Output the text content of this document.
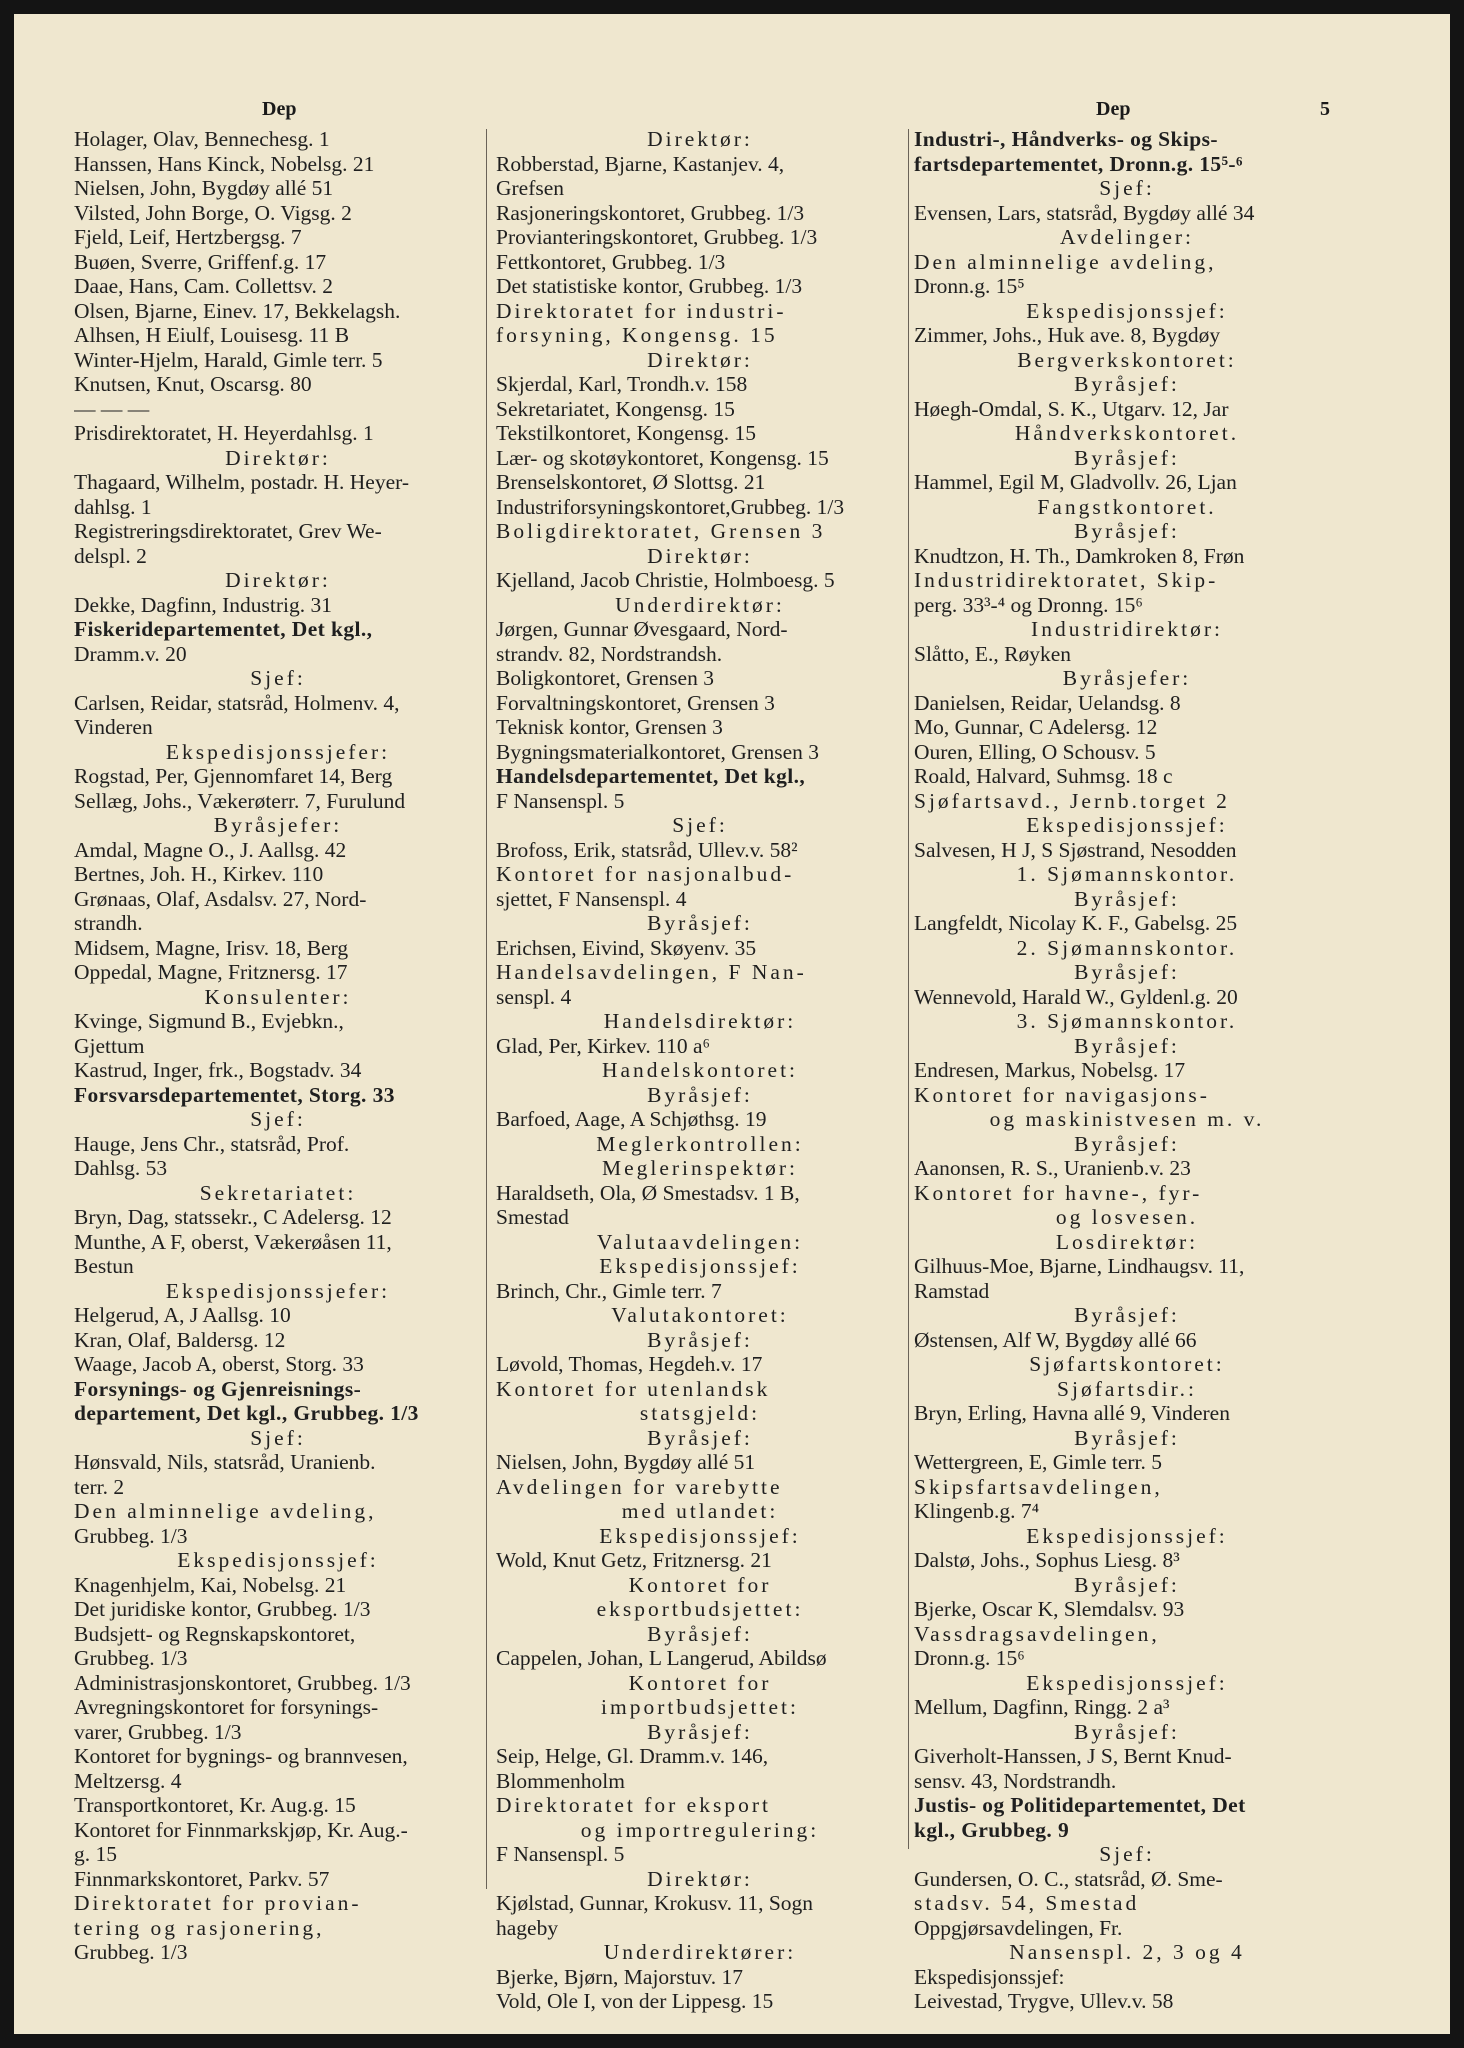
Dep	Dep	5
Holager, Olav, Bennechesg. 1
Hanssen, Hans Kinck, Nobelsg. 21
Nielsen, John, Bygdøy allé 51
Vilsted, John Borge, O. Vigsg. 2
Fjeld, Leif, Hertzbergsg. 7
Buøen, Sverre, Griffenf.g. 17
Daae, Hans, Cam. Collettsv. 2
Olsen, Bjarne, Einev. 17, Bekkelagsh.
Alhsen, H Eiulf, Louisesg. 11 B
Winter-Hjelm, Harald, Gimle terr. 5
Knutsen, Knut, Oscarsg. 80
— — —
Prisdirektoratet, H. Heyerdahlsg. 1
Direktør:
Thagaard, Wilhelm, postadr. H. Heyer-
dahlsg. 1
Registreringsdirektoratet, Grev We-
delspl. 2
Direktør:
Dekke, Dagfinn, Industrig. 31
Fiskeridepartementet, Det kgl.,
Dramm.v. 20
Sjef:
Carlsen, Reidar, statsråd, Holmenv. 4,
Vinderen
Ekspedisjonssjefer:
Rogstad, Per, Gjennomfaret 14, Berg
Sellæg, Johs., Vækerøterr. 7, Furulund
Byråsjefer:
Amdal, Magne O., J. Aallsg. 42
Bertnes, Joh. H., Kirkev. 110
Grønaas, Olaf, Asdalsv. 27, Nord-
strandh.
Midsem, Magne, Irisv. 18, Berg
Oppedal, Magne, Fritznersg. 17
Konsulenter:
Kvinge, Sigmund B., Evjebkn.,
Gjettum
Kastrud, Inger, frk., Bogstadv. 34
Forsvarsdepartementet, Storg. 33
Sjef:
Hauge, Jens Chr., statsråd, Prof.
Dahlsg. 53
Sekretariatet:
Bryn, Dag, statssekr., C Adelersg. 12
Munthe, A F, oberst, Vækerøåsen 11,
Bestun
Ekspedisjonssjefer:
Helgerud, A, J Aallsg. 10
Kran, Olaf, Baldersg. 12
Waage, Jacob A, oberst, Storg. 33
Forsynings- og Gjenreisnings-
departement, Det kgl., Grubbeg. 1/3
Sjef:
Hønsvald, Nils, statsråd, Uranienb.
terr. 2
Den alminnelige avdeling,
Grubbeg. 1/3
Ekspedisjonssjef:
Knagenhjelm, Kai, Nobelsg. 21
Det juridiske kontor, Grubbeg. 1/3
Budsjett- og Regnskapskontoret,
Grubbeg. 1/3
Administrasjonskontoret, Grubbeg. 1/3
Avregningskontoret for forsynings-
varer, Grubbeg. 1/3
Kontoret for bygnings- og brannvesen,
Meltzersg. 4
Transportkontoret, Kr. Aug.g. 15
Kontoret for Finnmarkskjøp, Kr. Aug.-
g. 15
Finnmarkskontoret, Parkv. 57
Direktoratet for provian-
tering og rasjonering,
Grubbeg. 1/3
Direktør:
Robberstad, Bjarne, Kastanjev. 4,
Grefsen
Rasjoneringskontoret, Grubbeg. 1/3
Provianteringskontoret, Grubbeg. 1/3
Fettkontoret, Grubbeg. 1/3
Det statistiske kontor, Grubbeg. 1/3
Direktoratet for industri-
forsyning, Kongensg. 15
Direktør:
Skjerdal, Karl, Trondh.v. 158
Sekretariatet, Kongensg. 15
Tekstilkontoret, Kongensg. 15
Lær- og skotøykontoret, Kongensg. 15
Brenselskontoret, Ø Slottsg. 21
Industriforsyningskontoret,Grubbeg. 1/3
Boligdirektoratet, Grensen 3
Direktør:
Kjelland, Jacob Christie, Holmboesg. 5
Underdirektør:
Jørgen, Gunnar Øvesgaard, Nord-
strandv. 82, Nordstrandsh.
Boligkontoret, Grensen 3
Forvaltningskontoret, Grensen 3
Teknisk kontor, Grensen 3
Bygningsmaterialkontoret, Grensen 3
Handelsdepartementet, Det kgl.,
F Nansenspl. 5
Sjef:
Brofoss, Erik, statsråd, Ullev.v. 58²
Kontoret for nasjonalbud-
sjettet, F Nansenspl. 4
Byråsjef:
Erichsen, Eivind, Skøyenv. 35
Handelsavdelingen, F Nan-
senspl. 4
Handelsdirektør:
Glad, Per, Kirkev. 110 a⁶
Handelskontoret:
Byråsjef:
Barfoed, Aage, A Schjøthsg. 19
Meglerkontrollen:
Meglerinspektør:
Haraldseth, Ola, Ø Smestadsv. 1 B,
Smestad
Valutaavdelingen:
Ekspedisjonssjef:
Brinch, Chr., Gimle terr. 7
Valutakontoret:
Byråsjef:
Løvold, Thomas, Hegdeh.v. 17
Kontoret for utenlandsk
statsgjeld:
Byråsjef:
Nielsen, John, Bygdøy allé 51
Avdelingen for varebytte
med utlandet:
Ekspedisjonssjef:
Wold, Knut Getz, Fritznersg. 21
Kontoret for
eksportbudsjettet:
Byråsjef:
Cappelen, Johan, L Langerud, Abildsø
Kontoret for
importbudsjettet:
Byråsjef:
Seip, Helge, Gl. Dramm.v. 146,
Blommenholm
Direktoratet for eksport
og importregulering:
F Nansenspl. 5
Direktør:
Kjølstad, Gunnar, Krokusv. 11, Sogn
hageby
Underdirektører:
Bjerke, Bjørn, Majorstuv. 17
Vold, Ole I, von der Lippesg. 15
Industri-, Håndverks- og Skips-
fartsdepartementet, Dronn.g. 15⁵-⁶
Sjef:
Evensen, Lars, statsråd, Bygdøy allé 34
Avdelinger:
Den alminnelige avdeling,
Dronn.g. 15⁵
Ekspedisjonssjef:
Zimmer, Johs., Huk ave. 8, Bygdøy
Bergverkskontoret:
Byråsjef:
Høegh-Omdal, S. K., Utgarv. 12, Jar
Håndverkskontoret.
Byråsjef:
Hammel, Egil M, Gladvollv. 26, Ljan
Fangstkontoret.
Byråsjef:
Knudtzon, H. Th., Damkroken 8, Frøn
Industridirektoratet, Skip-
perg. 33³-⁴ og Dronng. 15⁶
Industridirektør:
Slåtto, E., Røyken
Byråsjefer:
Danielsen, Reidar, Uelandsg. 8
Mo, Gunnar, C Adelersg. 12
Ouren, Elling, O Schousv. 5
Roald, Halvard, Suhmsg. 18 c
Sjøfartsavd., Jernb.torget 2
Ekspedisjonssjef:
Salvesen, H J, S Sjøstrand, Nesodden
1. Sjømannskontor.
Byråsjef:
Langfeldt, Nicolay K. F., Gabelsg. 25
2. Sjømannskontor.
Byråsjef:
Wennevold, Harald W., Gyldenl.g. 20
3. Sjømannskontor.
Byråsjef:
Endresen, Markus, Nobelsg. 17
Kontoret for navigasjons-
og maskinistvesen m. v.
Byråsjef:
Aanonsen, R. S., Uranienb.v. 23
Kontoret for havne-, fyr-
og losvesen.
Losdirektør:
Gilhuus-Moe, Bjarne, Lindhaugsv. 11,
Ramstad
Byråsjef:
Østensen, Alf W, Bygdøy allé 66
Sjøfartskontoret:
Sjøfartsdir.:
Bryn, Erling, Havna allé 9, Vinderen
Byråsjef:
Wettergreen, E, Gimle terr. 5
Skipsfartsavdelingen,
Klingenb.g. 7⁴
Ekspedisjonssjef:
Dalstø, Johs., Sophus Liesg. 8³
Byråsjef:
Bjerke, Oscar K, Slemdalsv. 93
Vassdragsavdelingen,
Dronn.g. 15⁶
Ekspedisjonssjef:
Mellum, Dagfinn, Ringg. 2 a³
Byråsjef:
Giverholt-Hanssen, J S, Bernt Knud-
sensv. 43, Nordstrandh.
Justis- og Politidepartementet, Det
kgl., Grubbeg. 9
Sjef:
Gundersen, O. C., statsråd, Ø. Sme-
stadsv. 54, Smestad
Oppgjørsavdelingen, Fr.
Nansenspl. 2, 3 og 4
Ekspedisjonssjef:
Leivestad, Trygve, Ullev.v. 58
